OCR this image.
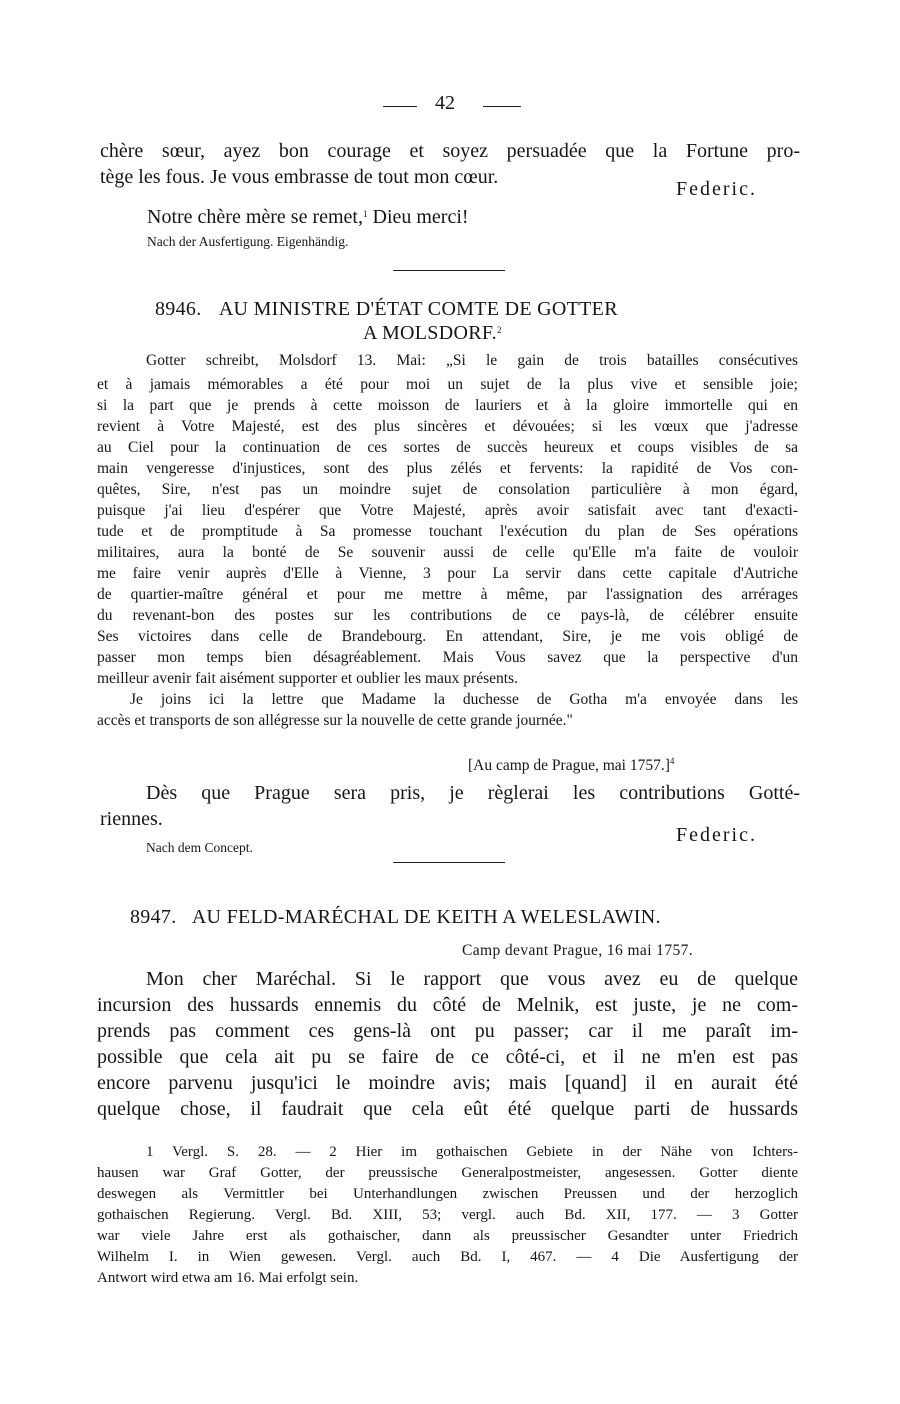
42
chère sœur, ayez bon courage et soyez persuadée que la Fortune pro-
tège les fous. Je vous embrasse de tout mon cœur.
Federic.
Notre chère mère se remet,$^1$ Dieu merci!
Nach der Ausfertigung. Eigenhändig.
8946. AU MINISTRE D'ÉTAT COMTE DE GOTTER
A MOLSDORF.$^2$
Gotter schreibt, Molsdorf 13. Mai: „Si le gain de trois batailles consécutives
et à jamais mémorables a été pour moi un sujet de la plus vive et sensible joie;
si la part que je prends à cette moisson de lauriers et à la gloire immortelle qui en
revient à Votre Majesté, est des plus sincères et dévouées; si les vœux que j'adresse
au Ciel pour la continuation de ces sortes de succès heureux et coups visibles de sa
main vengeresse d'injustices, sont des plus zélés et fervents: la rapidité de Vos con-
quêtes, Sire, n'est pas un moindre sujet de consolation particulière à mon égard,
puisque j'ai lieu d'espérer que Votre Majesté, après avoir satisfait avec tant d'exacti-
tude et de promptitude à Sa promesse touchant l'exécution du plan de Ses opérations
militaires, aura la bonté de Se souvenir aussi de celle qu'Elle m'a faite de vouloir
me faire venir auprès d'Elle à Vienne, 3 pour La servir dans cette capitale d'Autriche
de quartier-maître général et pour me mettre à même, par l'assignation des arrérages
du revenant-bon des postes sur les contributions de ce pays-là, de célébrer ensuite
Ses victoires dans celle de Brandebourg. En attendant, Sire, je me vois obligé de
passer mon temps bien désagréablement. Mais Vous savez que la perspective d'un
meilleur avenir fait aisément supporter et oublier les maux présents.
Je joins ici la lettre que Madame la duchesse de Gotha m'a envoyée dans les
accès et transports de son allégresse sur la nouvelle de cette grande journée."
[Au camp de Prague, mai 1757.]$^4$
Dès que Prague sera pris, je règlerai les contributions Gotté-
riennes.
Federic.
Nach dem Concept.
8947. AU FELD-MARÉCHAL DE KEITH A WELESLAWIN.
Camp devant Prague, 16 mai 1757.
Mon cher Maréchal. Si le rapport que vous avez eu de quelque
incursion des hussards ennemis du côté de Melnik, est juste, je ne com-
prends pas comment ces gens-là ont pu passer; car il me paraît im-
possible que cela ait pu se faire de ce côté-ci, et il ne m'en est pas
encore parvenu jusqu'ici le moindre avis; mais [quand] il en aurait été
quelque chose, il faudrait que cela eût été quelque parti de hussards
1 Vergl. S. 28. — 2 Hier im gothaischen Gebiete in der Nähe von Ichters-
hausen war Graf Gotter, der preussische Generalpostmeister, angesessen. Gotter diente
deswegen als Vermittler bei Unterhandlungen zwischen Preussen und der herzoglich
gothaischen Regierung. Vergl. Bd. XIII, 53; vergl. auch Bd. XII, 177. — 3 Gotter
war viele Jahre erst als gothaischer, dann als preussischer Gesandter unter Friedrich
Wilhelm I. in Wien gewesen. Vergl. auch Bd. I, 467. — 4 Die Ausfertigung der
Antwort wird etwa am 16. Mai erfolgt sein.
